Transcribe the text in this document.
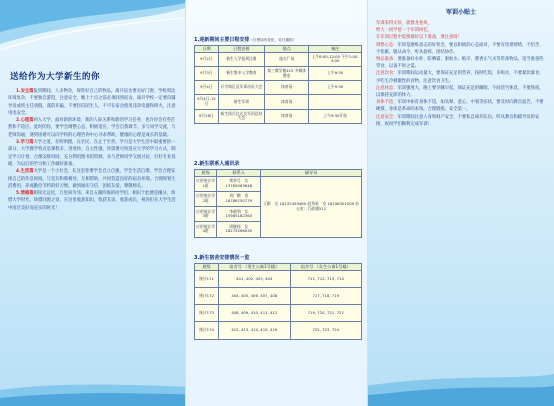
送给作为大学新生的你

1.安全篇报到期间，人多物杂，保管好自己的物品，离开宿舍要关好门窗，学校周边环境复杂，不要独自游逛，注意安全，晚上十点之前必须回到宿舍。离开学校一定要向辅导员或班主任请假，谨防诈骗，不要轻信陌生人，不可在宿舍使用违章电器和明火，注意用电安全。

2.心理篇初入大学，面对新的环境、新的人际关系和新的学习任务，也许你会有些茫然和不适应。此时的你，要学会调整心态，积极适应，学会自我调节。多与同学交流，与老师沟通，遇到困难可以向学校的心理咨询中心寻求帮助，健康的心理是成长的基础。

3.学习篇大学之道，在明明德，在亲民，在止于至善。学习是大学生活中最重要的一部分，大学教学特点是课程多、进度快、自主性强，你需要尽快适应大学的学习方式，制定学习计划，合理安排时间，充分利用图书馆资源，多与老师同学交流讨论，打好专业基础，为以后的学习和工作做好准备。

4.生活篇大学是一个小社会，在这里你要学会自立自强，学会生活自理，学会合理安排自己的作息时间。与室友和睦相处，互相帮助，共同营造良好的宿舍环境。合理规划生活费用，养成勤俭节约的好习惯，做到诚实守信，团结友爱，尊敬师长。

5.情感篇相知无远近，万里尚为邻。来自五湖四海的同学们，相识于此便是缘分，珍惜大学时光，珍惜同窗之谊，在这里收获知识，收获友谊，收获成长，祝你们在大学生活中度过美好而充实的时光！

1.迎新期间主要日程安排（日程如有变化，另行通知）
日期	日程安排	地点	备注
9月2日	新生入学报到注册	逸夫广场	上午8:00-12:00 下午1:00-4:00
9月3日	新生集中入学教育	第三教学楼415 多媒体教室	上午9:30
9月4日	开学典礼及军训动员大会	体育场	上午9:30
9月4日-15日	新生军训	体育场	
9月16日	新生阅兵仪式及军训总结大会	体育场	上午9:30开始
2.新生联系人通讯录
班级	联系人	辅导员
应用统计学1班	黎华号　女 13765063648	王颖　女 18132459480 赵秀英　女 18198301009 办公室：行政楼512
应用统计学2班	刘广鹏　男 18786750779	
应用统计学3班	李晓利　女 15985182364	
应用统计学4班	周继杨　女 18275266030	
3.新生宿舍安排情况一览
班级	宿舍号 （男生公寓1号楼）	宿舍号 （女生公寓1号楼）
统计171	401, 402, 403, 404	711, 712, 713, 714
统计172	404, 405, 406, 407, 408	717, 718, 719
统计173	408, 409, 410, 411, 412	719, 720, 721, 722
统计174	412, 413, 414, 415, 416	722, 723, 724
军训小贴士

军训来得太快，就像龙卷风，

给大一同学留一个军训回忆。

在军训过程中需要做好以下准备，要注意呀！

调整心态：军训是磨炼意志的好机会，要以积极的心态面对，不要有畏难情绪，不怕苦、不怕累，服从命令，听从指挥，团结协作。

物品准备：要准备好水杯、防晒霜、驱蚊水、纸巾、藿香正气水等常备物品，适当准备些零食，以备不时之需。

注意饮食：军训期间运动量大，要保证充足的营养，按时吃饭，多喝水，不要暴饮暴食，少吃生冷刺激性的食物，注意饮食卫生。

注意休息：军训强度大，晚上要早睡早起，保证充足的睡眠，午间适当休息，不要熬夜，以保持充沛的体力。

身体不适：军训中如有身体不适，如头晕、恶心、中暑等症状，要及时向教官报告，不要硬撑，身体是革命的本钱，合理锻炼，安全第一。

注意安全：军训期间注意人身和财产安全，不要私自离开队伍，听从教官和辅导员的安排，祝同学们顺利完成军训！
